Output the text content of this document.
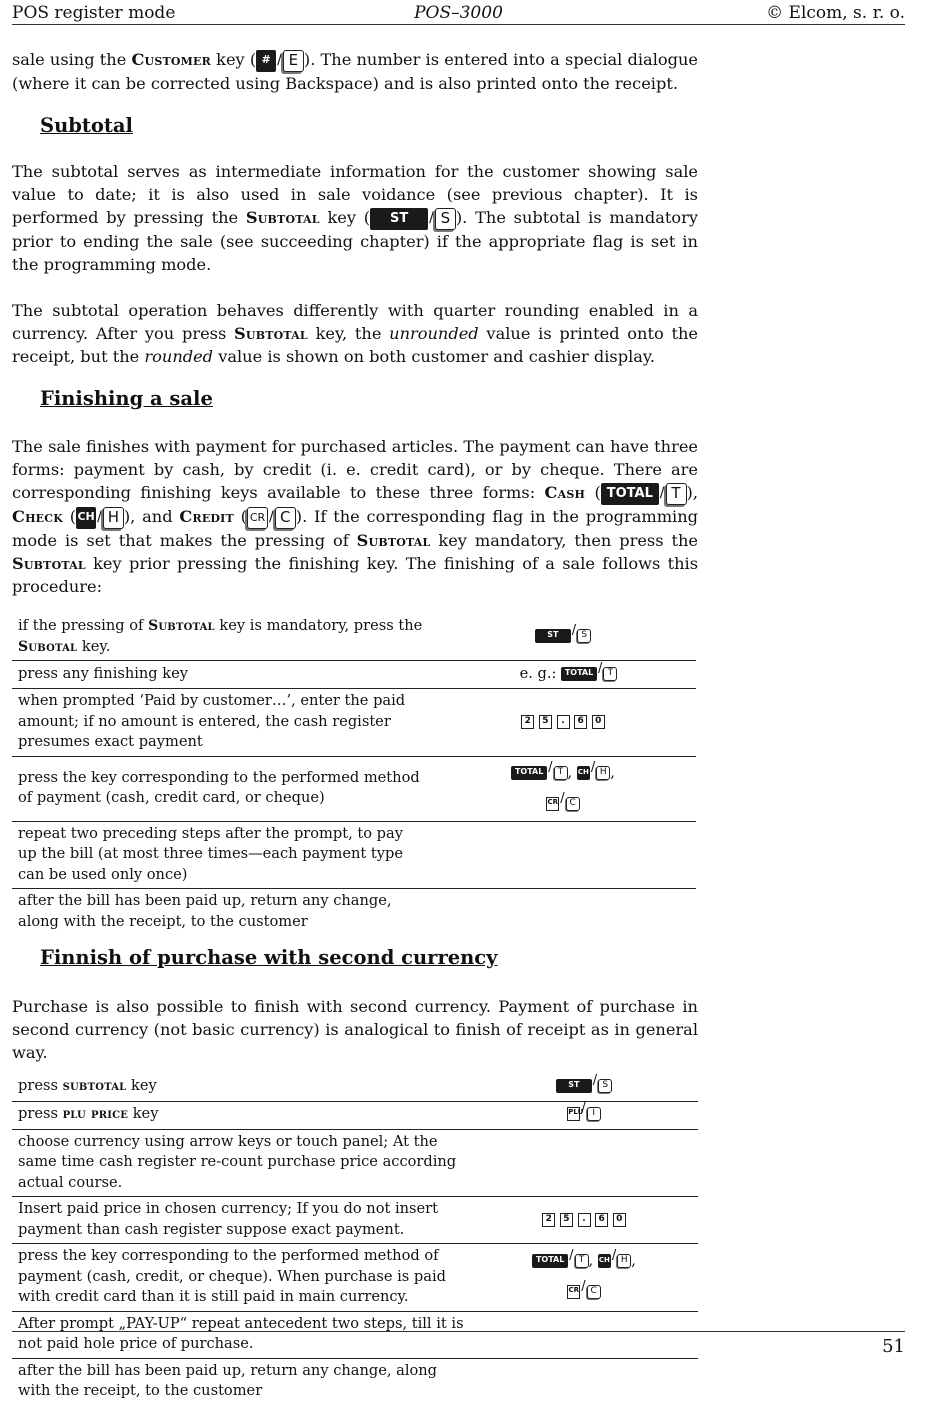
POS register mode	POS–3000	© Elcom, s. r. o.

sale using the Customer key ( # / E ). The number is entered into a special dialogue (where it can be corrected using Backspace) and is also printed onto the receipt.

Subtotal

The subtotal serves as intermediate information for the customer showing sale value to date; it is also used in sale voidance (see previous chapter). It is performed by pressing the Subtotal key ( ST / S ). The subtotal is mandatory prior to ending the sale (see succeeding chapter) if the appropriate flag is set in the programming mode.

The subtotal operation behaves differently with quarter rounding enabled in a currency. After you press Subtotal key, the unrounded value is printed onto the receipt, but the rounded value is shown on both customer and cashier display.

Finishing a sale

The sale finishes with payment for purchased articles. The payment can have three forms: payment by cash, by credit (i. e. credit card), or by cheque. There are corresponding finishing keys available to these three forms: Cash ( TOTAL / T ), Check (CH / H ), and Credit ( CR / C ). If the corresponding flag in the programming mode is set that makes the pressing of Subtotal key mandatory, then press the Subtotal key prior pressing the finishing key. The finishing of a sale follows this procedure:

if the pressing of Subtotal key is mandatory, press the Subotal key.	ST / S
press any finishing key	e. g.: TOTAL / T
when prompted ‘Paid by customer…’, enter the paid amount; if no amount is entered, the cash register presumes exact payment	2 5 . 6 0
press the key corresponding to the performed method of payment (cash, credit card, or cheque)	TOTAL / T , CH / H ,
CR / C

repeat two preceding steps after the prompt, to pay up the bill (at most three times—each payment type can be used only once)	
after the bill has been paid up, return any change, along with the receipt, to the customer	
Finnish of purchase with second currency

Purchase is also possible to finish with second currency. Payment of purchase in second currency (not basic currency) is analogical to finish of receipt as in general way.

press subtotal key	ST / S
press plu price key	PLU/ I
choose currency using arrow keys or touch panel; At the same time cash register re-count purchase price according actual course.	
Insert paid price in chosen currency; If you do not insert payment than cash register suppose exact payment.	2 5 . 6 0
press the key corresponding to the performed method of payment (cash, credit, or cheque). When purchase is paid with credit card than it is still paid in main currency.	TOTAL / T , CH / H ,
CR / C

After prompt „PAY-UP“ repeat antecedent two steps, till it is not paid hole price of purchase.	
after the bill has been paid up, return any change, along with the receipt, to the customer	
51
